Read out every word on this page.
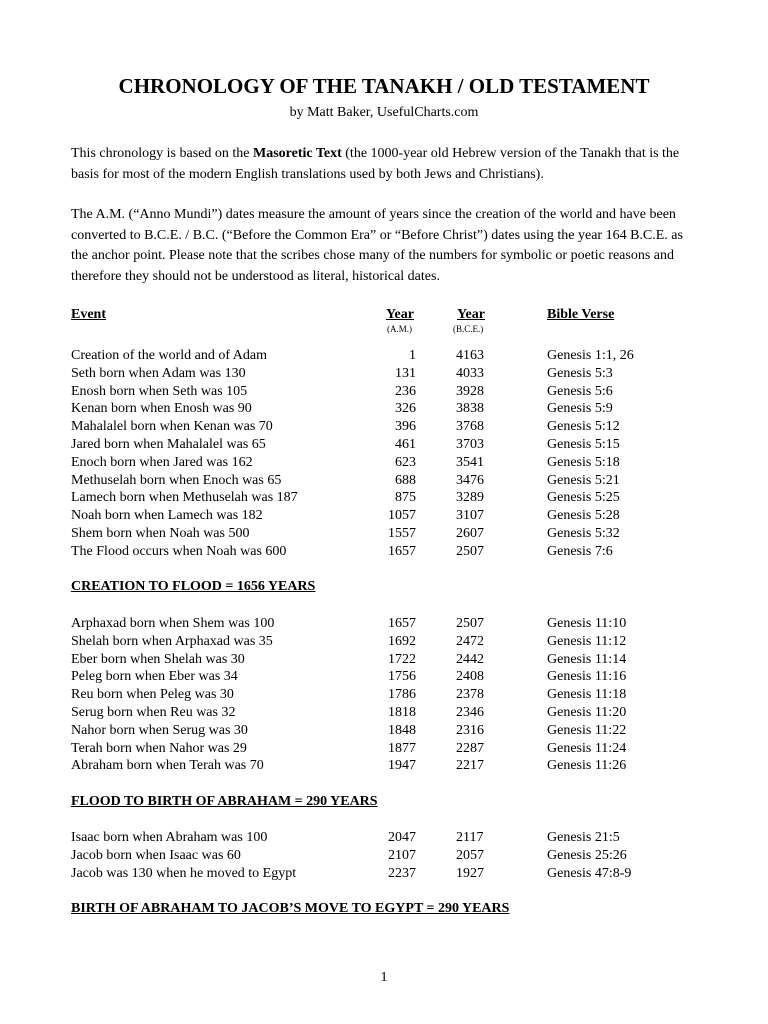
CHRONOLOGY OF THE TANAKH / OLD TESTAMENT
by Matt Baker, UsefulCharts.com

This chronology is based on the Masoretic Text (the 1000-year old Hebrew version of the Tanakh that is the basis for most of the modern English translations used by both Jews and Christians).

The A.M. (“Anno Mundi”) dates measure the amount of years since the creation of the world and have been converted to B.C.E. / B.C. (“Before the Common Era” or “Before Christ”) dates using the year 164 B.C.E. as the anchor point. Please note that the scribes chose many of the numbers for symbolic or poetic reasons and therefore they should not be understood as literal, historical dates.

Event	Year	Year	Bible Verse
(A.M.)	(B.C.E.)
Creation of the world and of Adam	1	4163	Genesis 1:1, 26
Seth born when Adam was 130	131	4033	Genesis 5:3
Enosh born when Seth was 105	236	3928	Genesis 5:6
Kenan born when Enosh was 90	326	3838	Genesis 5:9
Mahalalel born when Kenan was 70	396	3768	Genesis 5:12
Jared born when Mahalalel was 65	461	3703	Genesis 5:15
Enoch born when Jared was 162	623	3541	Genesis 5:18
Methuselah born when Enoch was 65	688	3476	Genesis 5:21
Lamech born when Methuselah was 187	875	3289	Genesis 5:25
Noah born when Lamech was 182	1057	3107	Genesis 5:28
Shem born when Noah was 500	1557	2607	Genesis 5:32
The Flood occurs when Noah was 600	1657	2507	Genesis 7:6
CREATION TO FLOOD = 1656 YEARS
Arphaxad born when Shem was 100	1657	2507	Genesis 11:10
Shelah born when Arphaxad was 35	1692	2472	Genesis 11:12
Eber born when Shelah was 30	1722	2442	Genesis 11:14
Peleg born when Eber was 34	1756	2408	Genesis 11:16
Reu born when Peleg was 30	1786	2378	Genesis 11:18
Serug born when Reu was 32	1818	2346	Genesis 11:20
Nahor born when Serug was 30	1848	2316	Genesis 11:22
Terah born when Nahor was 29	1877	2287	Genesis 11:24
Abraham born when Terah was 70	1947	2217	Genesis 11:26
FLOOD TO BIRTH OF ABRAHAM = 290 YEARS
Isaac born when Abraham was 100	2047	2117	Genesis 21:5
Jacob born when Isaac was 60	2107	2057	Genesis 25:26
Jacob was 130 when he moved to Egypt	2237	1927	Genesis 47:8-9
BIRTH OF ABRAHAM TO JACOB’S MOVE TO EGYPT = 290 YEARS
1
